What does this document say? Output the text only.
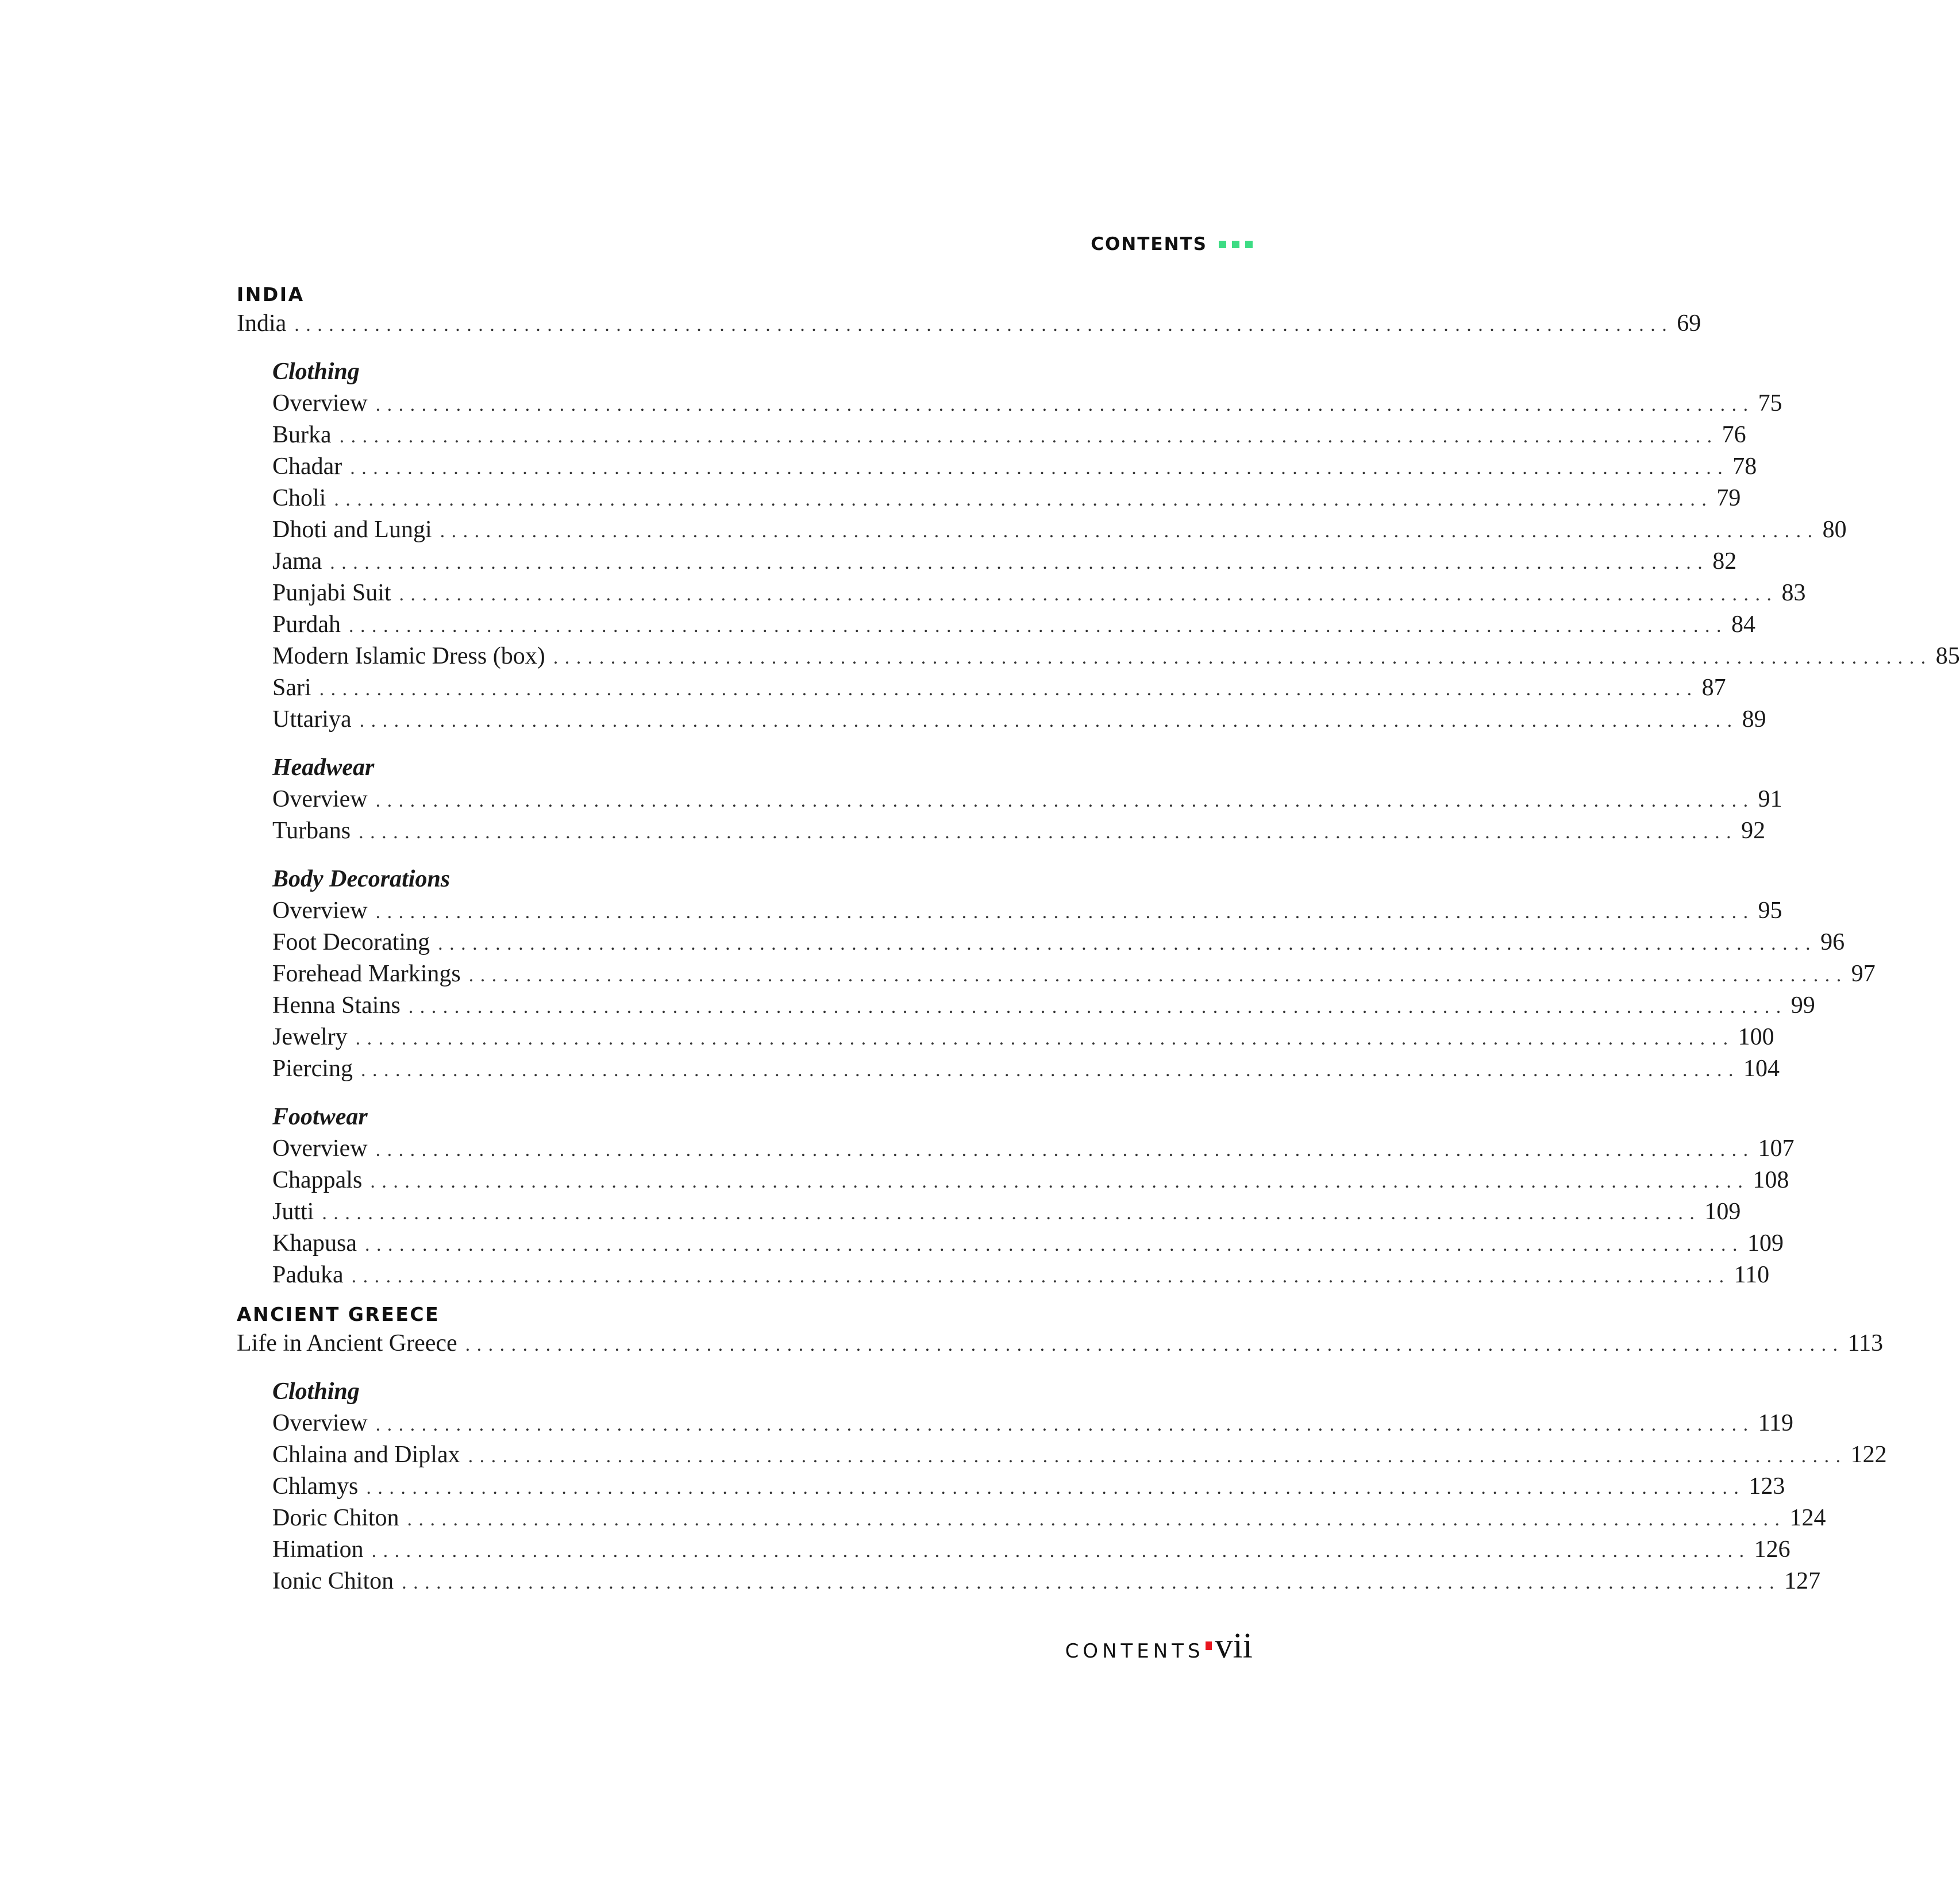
CONTENTS
INDIA
India ........................................................................................................................ 69
Clothing
Overview ........................................................................................................................ 75
Burka ........................................................................................................................ 76
Chadar ........................................................................................................................ 78
Choli ........................................................................................................................ 79
Dhoti and Lungi ........................................................................................................................ 80
Jama ........................................................................................................................ 82
Punjabi Suit ........................................................................................................................ 83
Purdah ........................................................................................................................ 84
Modern Islamic Dress (box) ........................................................................................................................ 85
Sari ........................................................................................................................ 87
Uttariya ........................................................................................................................ 89
Headwear
Overview ........................................................................................................................ 91
Turbans ........................................................................................................................ 92
Body Decorations
Overview ........................................................................................................................ 95
Foot Decorating ........................................................................................................................ 96
Forehead Markings ........................................................................................................................ 97
Henna Stains ........................................................................................................................ 99
Jewelry ........................................................................................................................ 100
Piercing ........................................................................................................................ 104
Footwear
Overview ........................................................................................................................ 107
Chappals ........................................................................................................................ 108
Jutti ........................................................................................................................ 109
Khapusa ........................................................................................................................ 109
Paduka ........................................................................................................................ 110
ANCIENT GREECE
Life in Ancient Greece ........................................................................................................................ 113
Clothing
Overview ........................................................................................................................ 119
Chlaina and Diplax ........................................................................................................................ 122
Chlamys ........................................................................................................................ 123
Doric Chiton ........................................................................................................................ 124
Himation ........................................................................................................................ 126
Ionic Chiton ........................................................................................................................ 127
CONTENTS vii
